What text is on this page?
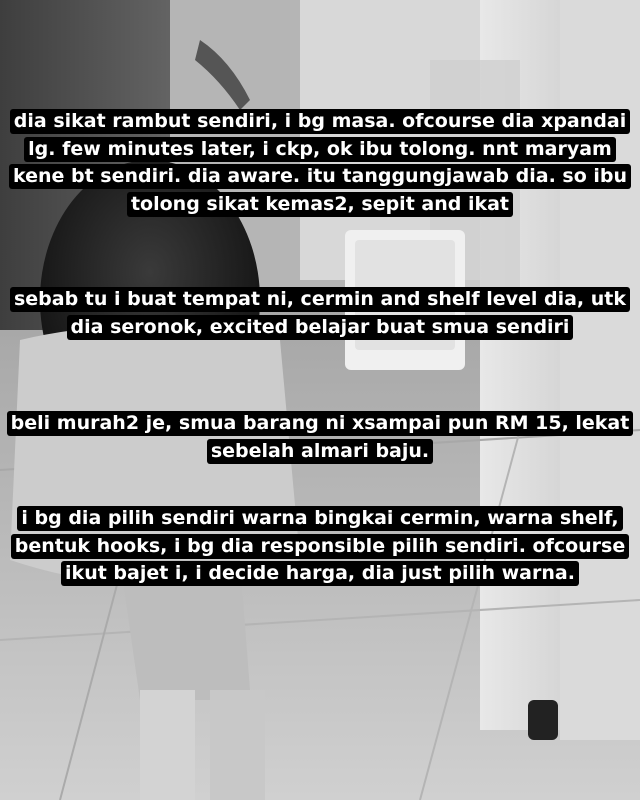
dia sikat rambut sendiri, i bg masa. ofcourse dia xpandai lg. few minutes later, i ckp, ok ibu tolong. nnt maryam kene bt sendiri. dia aware. itu tanggungjawab dia. so ibu tolong sikat kemas2, sepit and ikat
sebab tu i buat tempat ni, cermin and shelf level dia, utk dia seronok, excited belajar buat smua sendiri
beli murah2 je, smua barang ni xsampai pun RM 15, lekat sebelah almari baju.
i bg dia pilih sendiri warna bingkai cermin, warna shelf, bentuk hooks, i bg dia responsible pilih sendiri. ofcourse ikut bajet i, i decide harga, dia just pilih warna.
